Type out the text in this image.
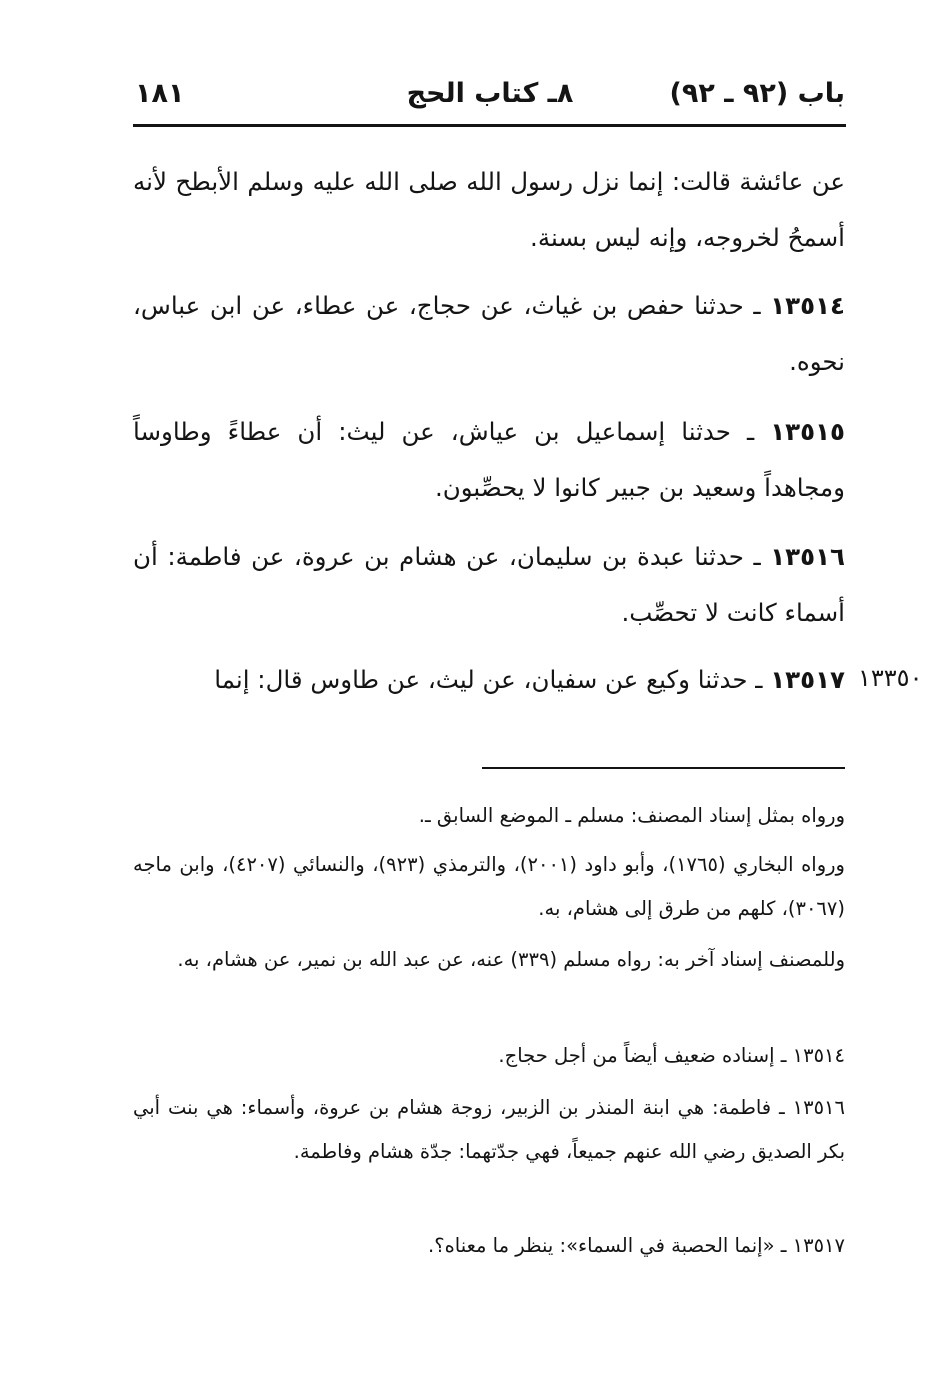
باب (٩٢ ـ ٩٢)
٨ـ كتاب الحج
١٨١
عن عائشة قالت: إنما نزل رسول الله صلى الله عليه وسلم الأبطح لأنه أسمحُ لخروجه، وإنه ليس بسنة.
١٣٥١٤ ـ حدثنا حفص بن غياث، عن حجاج، عن عطاء، عن ابن عباس، نحوه.
١٣٥١٥ ـ حدثنا إسماعيل بن عياش، عن ليث: أن عطاءً وطاوساً ومجاهداً وسعيد بن جبير كانوا لا يحصِّبون.
١٣٥١٦ ـ حدثنا عبدة بن سليمان، عن هشام بن عروة، عن فاطمة: أن أسماء كانت لا تحصِّب.
١٣٥١٧ ـ حدثنا وكيع عن سفيان، عن ليث، عن طاوس قال: إنما	١٣٣٥٠
ورواه بمثل إسناد المصنف: مسلم ـ الموضع السابق ـ.
ورواه البخاري (١٧٦٥)، وأبو داود (٢٠٠١)، والترمذي (٩٢٣)، والنسائي (٤٢٠٧)، وابن ماجه (٣٠٦٧)، كلهم من طرق إلى هشام، به.
وللمصنف إسناد آخر به: رواه مسلم (٣٣٩) عنه، عن عبد الله بن نمير، عن هشام، به.
١٣٥١٤ ـ إسناده ضعيف أيضاً من أجل حجاج.
١٣٥١٦ ـ فاطمة: هي ابنة المنذر بن الزبير، زوجة هشام بن عروة، وأسماء: هي بنت أبي بكر الصديق رضي الله عنهم جميعاً، فهي جدّتهما: جدّة هشام وفاطمة.
١٣٥١٧ ـ «إنما الحصبة في السماء»: ينظر ما معناه؟.
